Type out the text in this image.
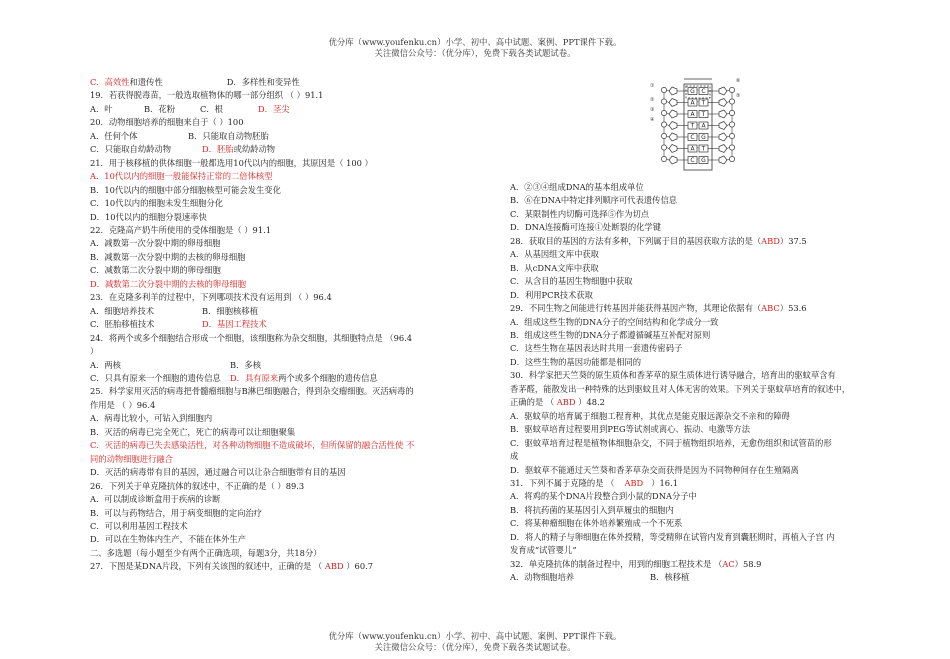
优分库（www.youfenku.cn）小学、初中、高中试题、案例、PPT课件下载。
关注微信公众号：（优分库），免费下载各类试题试卷。
C．高效性和遗传性	D．多样性和变异性
19．若获得脱毒苗，一般选取植物体的哪一部分组织 （ ）91.1
A．叶	B．花粉	C．根	D．茎尖
20．动物细胞培养的细胞来自于（ ）100
A．任何个体	B．只能取自动物胚胎
C．只能取自幼龄动物	D．胚胎或幼龄动物
21．用于核移植的供体细胞一般都选用10代以内的细胞，其原因是（ 100 ）
A．10代以内的细胞一般能保持正常的二倍体核型
B．10代以内的细胞中部分细胞核型可能会发生变化
C．10代以内的细胞未发生细胞分化
D．10代以内的细胞分裂速率快
22．克隆高产奶牛所使用的受体细胞是（ ）91.1
A．减数第一次分裂中期的卵母细胞
B．减数第一次分裂中期的去核的卵母细胞
C．减数第二次分裂中期的卵母细胞
D．减数第二次分裂中期的去核的卵母细胞
23．在克隆多利羊的过程中，下列哪项技术没有运用到 （ ）96.4
A．细胞培养技术	B．细胞核移植
C．胚胎移植技术	D．基因工程技术
24．将两个或多个细胞结合形成一个细胞，该细胞称为杂交细胞，其细胞特点是 （96.4
）
A．两核	B．多核
C．只具有原来一个细胞的遗传信息 D．具有原来两个或多个细胞的遗传信息
25．科学家用灭活的病毒把骨髓瘤细胞与B淋巴细胞融合，得到杂交瘤细胞。灭活病毒的
作用是 （ ）96.4
A．病毒比较小，可钻入到细胞内
B．灭活的病毒已完全死亡，死亡的病毒可以让细胞聚集
C．灭活的病毒已失去感染活性，对各种动物细胞不造成破坏，但所保留的融合活性使 不
同的动物细胞进行融合
D．灭活的病毒带有目的基因，通过融合可以让杂合细胞带有目的基因
26．下列关于单克隆抗体的叙述中，不正确的是（ ）89.3
A．可以制成诊断盒用于疾病的诊断
B．可以与药物结合，用于病变细胞的定向治疗
C．可以利用基因工程技术
D．可以在生物体内生产，不能在体外生产
二、多选题（每小题至少有两个正确选项，每题3分，共18分）
27．下图是某DNA片段，下列有关该图的叙述中，正确的是 （ ABD ）60.7
G C
A T
A T
T A
C G
A T
C G
⑥
①
②
③
④
⑤
A．②③④组成DNA的基本组成单位
B．⑥在DNA中特定排列顺序可代表遗传信息
C．某限制性内切酶可选择⑤作为切点
D．DNA连接酶可连接①处断裂的化学键
28．获取目的基因的方法有多种，下列属于目的基因获取方法的是（ABD）37.5
A．从基因组文库中获取
B．从cDNA文库中获取
C．从含目的基因生物细胞中获取
D．利用PCR技术获取
29．不同生物之间能进行转基因并能获得基因产物，其理论依据有（ABC）53.6
A．组成这些生物的DNA分子的空间结构和化学成分一致
B．组成这些生物的DNA分子都遵循碱基互补配对原则
C．这些生物在基因表达时共用一套遗传密码子
D．这些生物的基因功能都是相同的
30．科学家把天竺葵的原生质体和香茅草的原生质体进行诱导融合，培育出的驱蚊草含有
香茅醛，能散发出一种特殊的达到驱蚊且对人体无害的效果。下列关于驱蚊草培育的叙述中，
正确的是 （ ABD ）48.2
A．驱蚊草的培育属于细胞工程育种，其优点是能克服远源杂交不亲和的障碍
B．驱蚊草培育过程要用到PEG等试剂或离心、振动、电激等方法
C．驱蚊草培育过程是植物体细胞杂交，不同于植物组织培养，无愈伤组织和试管苗的形
成
D．驱蚊草不能通过天竺葵和香茅草杂交而获得是因为不同物种间存在生殖隔离
31．下列不属于克隆的是 （ ABD ）16.1
A．将鸡的某个DNA片段整合到小鼠的DNA分子中
B．将抗药菌的某基因引入到草履虫的细胞内
C．将某种瘤细胞在体外培养繁殖成一个不死系
D．将人的精子与卵细胞在体外授精，等受精卵在试管内发育到囊胚期时，再植入子宫 内
发育成“试管婴儿”
32．单克隆抗体的制备过程中，用到的细胞工程技术是 （AC）58.9
A．动物细胞培养	B．核移植
优分库（www.youfenku.cn）小学、初中、高中试题、案例、PPT课件下载。
关注微信公众号：（优分库），免费下载各类试题试卷。
